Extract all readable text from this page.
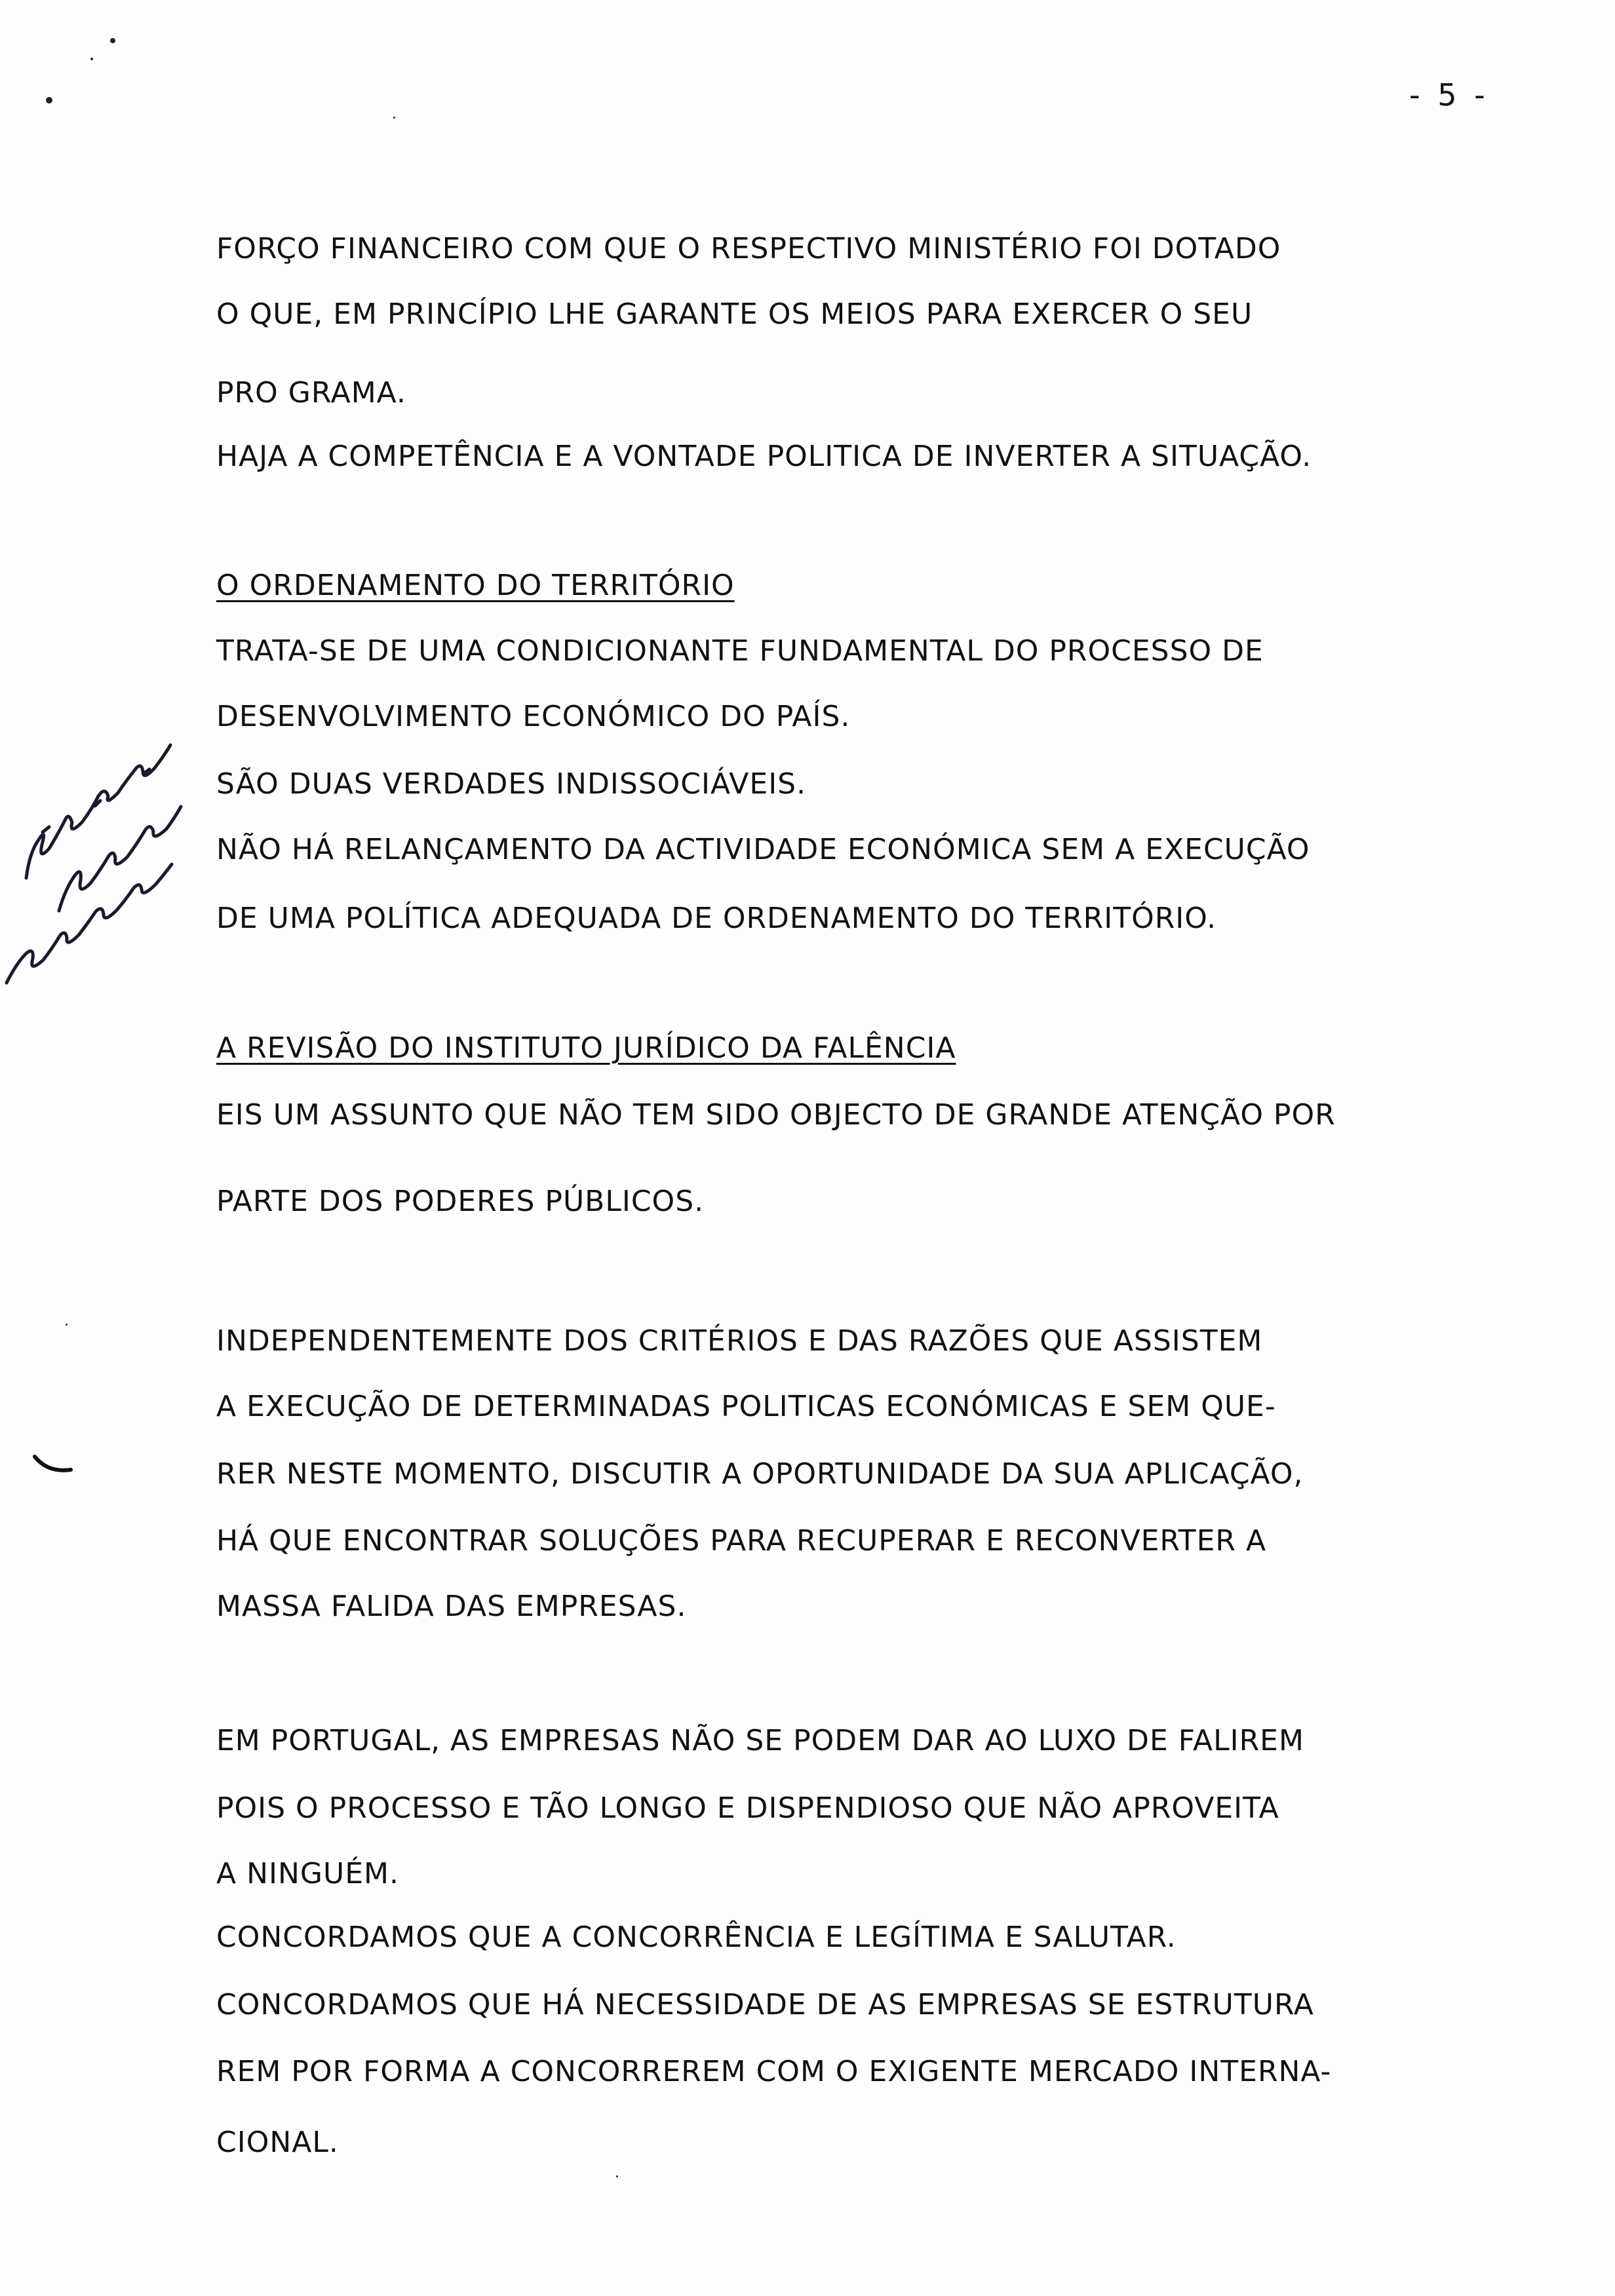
- 5 -
FORÇO FINANCEIRO COM QUE O RESPECTIVO MINISTÉRIO FOI DOTADO
O QUE, EM PRINCÍPIO LHE GARANTE OS MEIOS PARA EXERCER O SEU
PRO GRAMA.
HAJA A COMPETÊNCIA E A VONTADE POLITICA DE INVERTER A SITUAÇÃO.
O ORDENAMENTO DO TERRITÓRIO
TRATA-SE DE UMA CONDICIONANTE FUNDAMENTAL DO PROCESSO DE
DESENVOLVIMENTO ECONÓMICO DO PAÍS.
SÃO DUAS VERDADES INDISSOCIÁVEIS.
NÃO HÁ RELANÇAMENTO DA ACTIVIDADE ECONÓMICA SEM A EXECUÇÃO
DE UMA POLÍTICA ADEQUADA DE ORDENAMENTO DO TERRITÓRIO.
A REVISÃO DO INSTITUTO JURÍDICO DA FALÊNCIA
EIS UM ASSUNTO QUE NÃO TEM SIDO OBJECTO DE GRANDE ATENÇÃO POR
PARTE DOS PODERES PÚBLICOS.
INDEPENDENTEMENTE DOS CRITÉRIOS E DAS RAZÕES QUE ASSISTEM
A EXECUÇÃO DE DETERMINADAS POLITICAS ECONÓMICAS E SEM QUE-
RER NESTE MOMENTO, DISCUTIR A OPORTUNIDADE DA SUA APLICAÇÃO,
HÁ QUE ENCONTRAR SOLUÇÕES PARA RECUPERAR E RECONVERTER A
MASSA FALIDA DAS EMPRESAS.
EM PORTUGAL, AS EMPRESAS NÃO SE PODEM DAR AO LUXO DE FALIREM
POIS O PROCESSO E TÃO LONGO E DISPENDIOSO QUE NÃO APROVEITA
A NINGUÉM.
CONCORDAMOS QUE A CONCORRÊNCIA E LEGÍTIMA E SALUTAR.
CONCORDAMOS QUE HÁ NECESSIDADE DE AS EMPRESAS SE ESTRUTURA
REM POR FORMA A CONCORREREM COM O EXIGENTE MERCADO INTERNA-
CIONAL.
